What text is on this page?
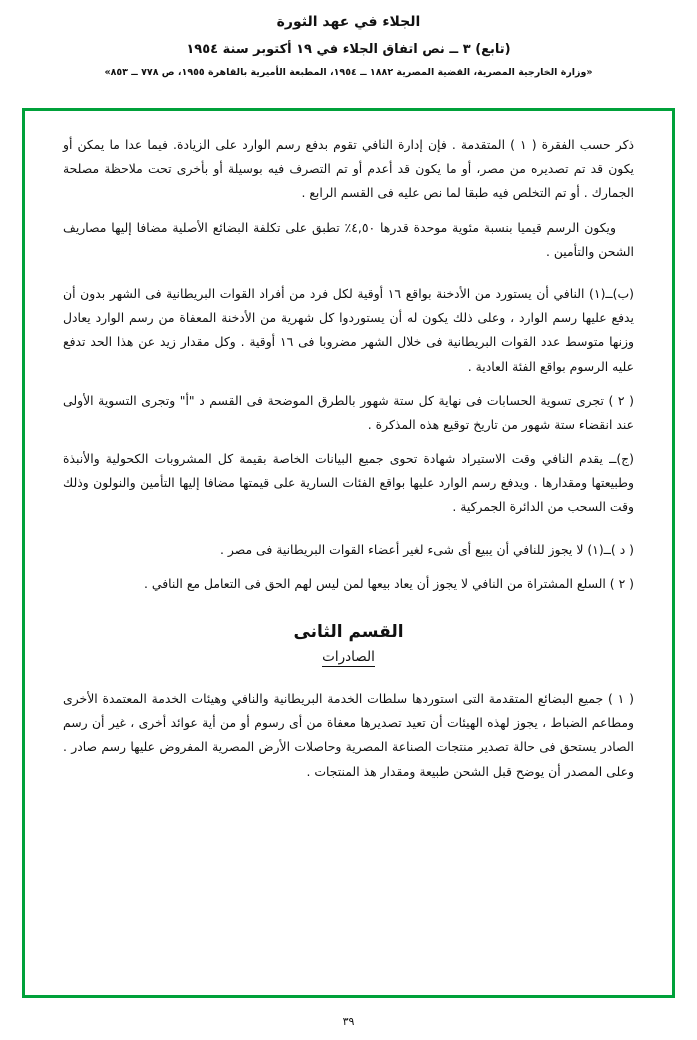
الجلاء في عهد الثورة
(تابع) ٣ ــ نص اتفاق الجلاء في ١٩ أكتوبر سنة ١٩٥٤
«وزارة الخارجية المصرية، القضية المصرية ١٨٨٢ ــ ١٩٥٤، المطبعة الأميرية بالقاهرة ١٩٥٥، ص ٧٧٨ ــ ٨٥٣»

ذكر حسب الفقرة ( ١ ) المتقدمة . فإن إدارة النافي تقوم بدفع رسم الوارد على الزيادة. فيما عدا ما يمكن أو يكون قد تم تصديره من مصر، أو ما يكون قد أعدم أو تم التصرف فيه بوسيلة أو بأخرى تحت ملاحظة مصلحة الجمارك . أو تم التخلص فيه طبقا لما نص عليه فى القسم الرابع .

ويكون الرسم قيميا بنسبة مئوية موحدة قدرها ٤,٥٠٪ تطبق على تكلفة البضائع الأصلية مضافا إليها مصاريف الشحن والتأمين .

(ب)ــ(١) النافي أن يستورد من الأدخنة بواقع ١٦ أوقية لكل فرد من أفراد القوات البريطانية فى الشهر بدون أن يدفع عليها رسم الوارد ، وعلى ذلك يكون له أن يستوردوا كل شهرية من الأدخنة المعفاة من رسم الوارد يعادل وزنها متوسط عدد القوات البريطانية فى خلال الشهر مضروبا فى ١٦ أوقية . وكل مقدار زيد عن هذا الحد تدفع عليه الرسوم بواقع الفئة العادية .

( ٢ ) تجرى تسوية الحسابات فى نهاية كل ستة شهور بالطرق الموضحة فى القسم د "أ" وتجرى التسوية الأولى عند انقضاء ستة شهور من تاريخ توقيع هذه المذكرة .

(ج)ــ يقدم النافي وقت الاستيراد شهادة تحوى جميع البيانات الخاصة بقيمة كل المشروبات الكحولية والأنبذة وطبيعتها ومقدارها . ويدفع رسم الوارد عليها بواقع الفئات السارية على قيمتها مضافا إليها التأمين والنولون وذلك وقت السحب من الدائرة الجمركية .

( د )ــ(١) لا يجوز للنافي أن يبيع أى شىء لغير أعضاء القوات البريطانية فى مصر .

( ٢ ) السلع المشتراة من النافي لا يجوز أن يعاد بيعها لمن ليس لهم الحق فى التعامل مع النافي .

القسم الثانى
الصادرات

( ١ ) جميع البضائع المتقدمة التى استوردها سلطات الخدمة البريطانية والنافي وهيئات الخدمة المعتمدة الأخرى ومطاعم الضباط ، يجوز لهذه الهيئات أن تعيد تصديرها معفاة من أى رسوم أو من أية عوائد أخرى ، غير أن رسم الصادر يستحق فى حالة تصدير منتجات الصناعة المصرية وحاصلات الأرض المصرية المفروض عليها رسم صادر . وعلى المصدر أن يوضح قبل الشحن طبيعة ومقدار هذ المنتجات .

٣٩
